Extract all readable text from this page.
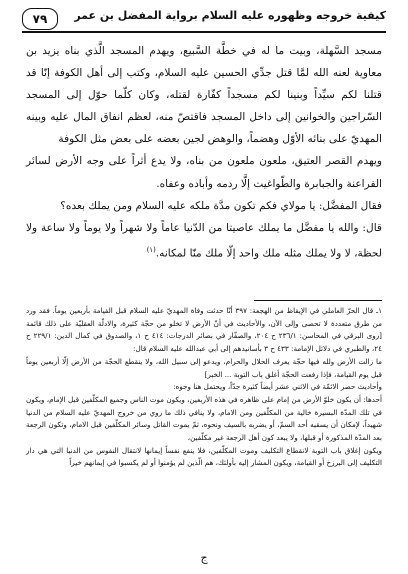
٧٩	كيفية خروجه وظهوره عليه السلام برواية المفضل بن عمر

مسجد السَّهلة، وبيت ما له في خطَّة السَّبيع، ويهدم المسجد الَّذي بناه يزيد بن معاوية لعنه الله لمَّا قتل جدِّي الحسين عليه السلام، وكتب إلى أهل الكوفة إنّا قد قتلنا لكم سيِّداً وبنينا لكم مسجداً كفّارة لقتله، وكان كلّما حوّل إلى المسجد السّراجين والخوانين إلى داخل المسجد فاقتصّ منه، لعظم انفاق المال عليه وبينه المهديّ على بنائه الأوّل وهضماً، والوهض لجين بعضه على بعض مثل الكوفة

ويهدم القصر العتيق، ملعون ملعون من بناه، ولا يدع أثراً على وجه الأرض لسائر الفراعنة والجبابرة والطّواغيت إلَّا ردمه وأباده وعفاه.

فقال المفضَّل: يا مولاي فكم تكون مدَّة ملكه عليه السلام ومن يملك بعده؟

قال: والله يا مفضَّل ما يملك عاصيتا من الدّنيا عاماً ولا شهراً ولا يوماً ولا ساعة ولا لحظة، لا ولا يملك مثله ملك واحد إلّا ملك منّا لمكانه.$^{(١)}$

١ـ قال الحرّ العاملي في الإيقاظ من الهجعة: ٣٩٧ أنّا حدثت وفاة المهديّ عليه السلام قبل القيامة بأربعين يوماً. فقد ورد من طرق متعددة لا تحصى وإلى الآن، والأحاديث في أنّ الأرض لا تخلو من حجّة كثيرة، والادلّة العقليّة على ذلك قائمة [روى البرقي في المحاسن: ٢٣٦/١ ح ٢٠٤، والصفّار في بصائر الدرجات: ٤١٤ ح ١، والصدوق في كمال الدين: ٢٢٩/١ ح ٢٤، والطبري في دلائل الإمامة: ٤٣٣ ح ٣ بأسانيدهم إلى أبي عبدالله عليه السلام قال:

ما زالت الأرض ولله فيها حجّة يعرف الحلال والحرام، ويدعو إلى سبيل الله، ولا ينقطع الحجّة من الأرض إلّا أربعين يوماً قبل يوم القيامة، فإذا رفعت الحجّة أغلق باب التوبة ... الخبر]

وأحاديث حصر الائمّة في الاثني عشر أيضاً كثيرة جدّاً، ويحتمل هنا وجوه:

أحدها: أن يكون خلوّ الأرض من إمام على ظاهره في هذه الأربعين، ويكون موت الناس وجميع المكلّفين قبل الإمام، ويكون في تلك المدّة البسيرة خالية من المكلّفين ومن الامام، ولا ينافي ذلك ما روي من خروج المهديّ عليه السلام من الدنيا شهيداً، لإمكان أن يسقيه أحد السمّ، أو يضربه بالسيف ونحوه، ثمّ يموت القاتل وسائر المكلّفين قبل الامام، وتكون الرجعة بعد المدّة المذكورة أو قبلها، ولا يبعد كون أهل الرجعة غير مكلّفين،

ويكون إغلاق باب التوبة لانقطاع التكليف وموت المكلّفين، فلا ينفع نفساً إيمانها لانتقال النفوس من الدنيا التي هي دار التكليف إلى البرزخ أو القيامة، ويكون المشار إليه بأولئك، هم الّذين لم يؤمنوا أو لم يكسبوا في إيمانهم خيراً

ج
